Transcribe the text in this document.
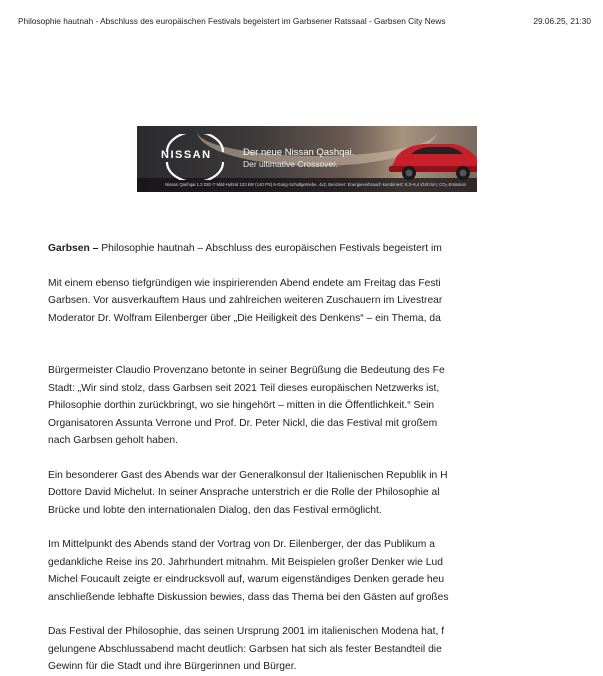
Philosophie hautnah - Abschluss des europäischen Festivals begeistert im Garbsener Ratssaal - Garbsen City News	29.06.25, 21:30
NISSAN	Der neue Nissan Qashqai.
Der ultimative Crossover.
Nissan Qashqai 1.3 DIG-T Mild-Hybrid 103 kW (140 PS) 6-Gang-Schaltgetriebe, 4x2, Benziner: Energieverbrauch kombiniert: 6,3–6,4 l/100 km; CO₂-Emission

Garbsen – Philosophie hautnah – Abschluss des europäischen Festivals begeistert im

Mit einem ebenso tiefgründigen wie inspirierenden Abend endete am Freitag das Festi
Garbsen. Vor ausverkauftem Haus und zahlreichen weiteren Zuschauern im Livestrear
Moderator Dr. Wolfram Eilenberger über „Die Heiligkeit des Denkens“ – ein Thema, da

Bürgermeister Claudio Provenzano betonte in seiner Begrüßung die Bedeutung des Fe
Stadt: „Wir sind stolz, dass Garbsen seit 2021 Teil dieses europäischen Netzwerks ist,
Philosophie dorthin zurückbringt, wo sie hingehört – mitten in die Öffentlichkeit.“ Sein
Organisatoren Assunta Verrone und Prof. Dr. Peter Nickl, die das Festival mit großem
nach Garbsen geholt haben.

Ein besonderer Gast des Abends war der Generalkonsul der Italienischen Republik in H
Dottore David Michelut. In seiner Ansprache unterstrich er die Rolle der Philosophie al
Brücke und lobte den internationalen Dialog, den das Festival ermöglicht.

Im Mittelpunkt des Abends stand der Vortrag von Dr. Eilenberger, der das Publikum a
gedankliche Reise ins 20. Jahrhundert mitnahm. Mit Beispielen großer Denker wie Lud
Michel Foucault zeigte er eindrucksvoll auf, warum eigenständiges Denken gerade heu
anschließende lebhafte Diskussion bewies, dass das Thema bei den Gästen auf großes

Das Festival der Philosophie, das seinen Ursprung 2001 im italienischen Modena hat, f
gelungene Abschlussabend macht deutlich: Garbsen hat sich als fester Bestandteil die
Gewinn für die Stadt und ihre Bürgerinnen und Bürger.
